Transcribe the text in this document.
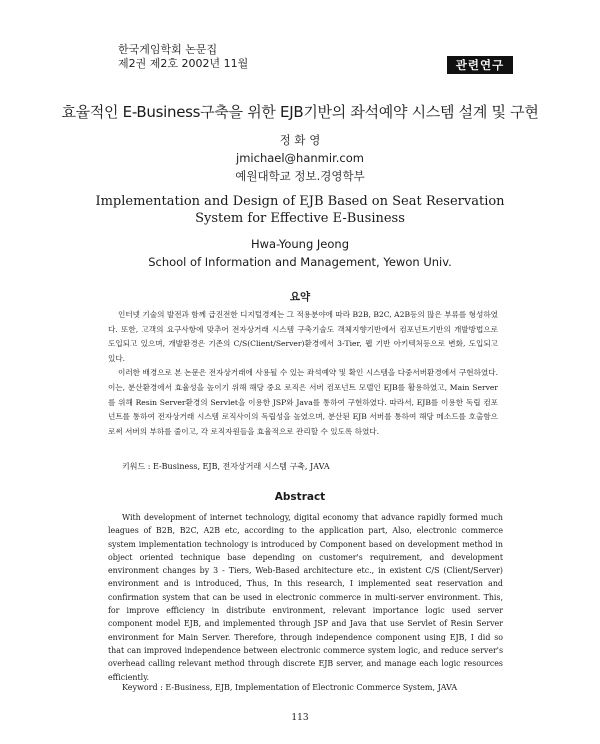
한국게임학회 논문집
제2권 제2호 2002년 11월	관련연구
효율적인 E-Business구축을 위한 EJB기반의 좌석예약 시스템 설계 및 구현
정 화 영
jmichael@hanmir.com
예원대학교 정보.경영학부
Implementation and Design of EJB Based on Seat Reservation System for Effective E-Business
Hwa-Young Jeong
School of Information and Management, Yewon Univ.
요약

인터넷 기술의 발전과 함께 급진전한 디지털경제는 그 적용분야에 따라 B2B, B2C, A2B등의 많은 부류를 형성하였다. 또한, 고객의 요구사항에 맞추어 전자상거래 시스템 구축기술도 객체지향기반에서 컴포넌트기반의 개발방법으로 도입되고 있으며, 개발환경은 기존의 C/S(Client/Server)환경에서 3-Tier, 웹 기반 아키텍처등으로 변화, 도입되고 있다.

이러한 배경으로 본 논문은 전자상거래에 사용될 수 있는 좌석예약 및 확인 시스템을 다중서버환경에서 구현하였다. 이는, 분산환경에서 효율성을 높이기 위해 해당 중요 로직은 서버 컴포넌트 모델인 EJB를 활용하였고, Main Server를 위해 Resin Server환경의 Servlet을 이용한 JSP와 Java를 통하여 구현하였다. 따라서, EJB를 이용한 독립 컴포넌트를 통하여 전자상거래 시스템 로직사이의 독립성을 높였으며, 분산된 EJB 서버를 통하여 해당 메소드를 호출함으로써 서버의 부하를 줄이고, 각 로직자원들을 효율적으로 관리할 수 있도록 하였다.

키워드 : E-Business, EJB, 전자상거래 시스템 구축, JAVA
Abstract

With development of internet technology, digital economy that advance rapidly formed much leagues of B2B, B2C, A2B etc, according to the application part, Also, electronic commerce system implementation technology is introduced by Component based on development method in object oriented technique base depending on customer's requirement, and development environment changes by 3 - Tiers, Web-Based architecture etc., in existent C/S (Client/Server) environment and is introduced, Thus, In this research, I implemented seat reservation and confirmation system that can be used in electronic commerce in multi-server environment. This, for improve efficiency in distribute environment, relevant importance logic used server component model EJB, and implemented through JSP and Java that use Servlet of Resin Server environment for Main Server. Therefore, through independence component using EJB, I did so that can improved independence between electronic commerce system logic, and reduce server's overhead calling relevant method through discrete EJB server, and manage each logic resources efficiently.

Keyword : E-Business, EJB, Implementation of Electronic Commerce System, JAVA
113
